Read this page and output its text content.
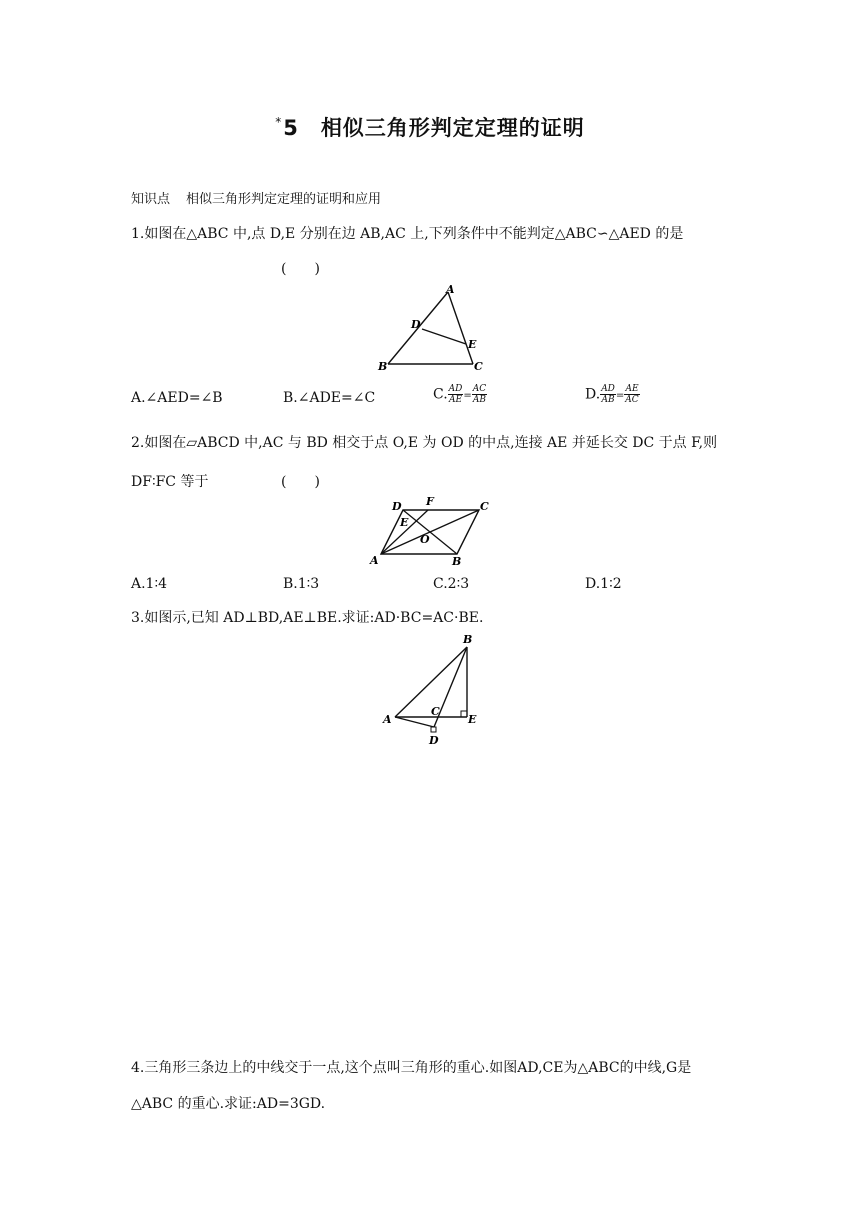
*5 相似三角形判定定理的证明
知识点 相似三角形判定定理的证明和应用
1.如图在△ABC 中,点 D,E 分别在边 AB,AC 上,下列条件中不能判定△ABC∽△AED 的是
(　　)
A
B	C
D
E
A.∠AED=∠B	B.∠ADE=∠C	C. $\frac{AD}{AE} = \frac{AC}{AB}$	D. $\frac{AD}{AB} = \frac{AE}{AC}$
2.如图在▱ABCD 中,AC 与 BD 相交于点 O,E 为 OD 的中点,连接 AE 并延长交 DC 于点 F,则
DF∶FC 等于	(　　)
A	B
C
D
E
F
O
A.1∶4	B.1∶3	C.2∶3	D.1∶2
3.如图示,已知 AD⊥BD,AE⊥BE.求证:AD·BC=AC·BE.
A
B
C
D
E
4.三角形三条边上的中线交于一点,这个点叫三角形的重心.如图AD,CE为△ABC的中线,G是
△ABC 的重心.求证:AD=3GD.
